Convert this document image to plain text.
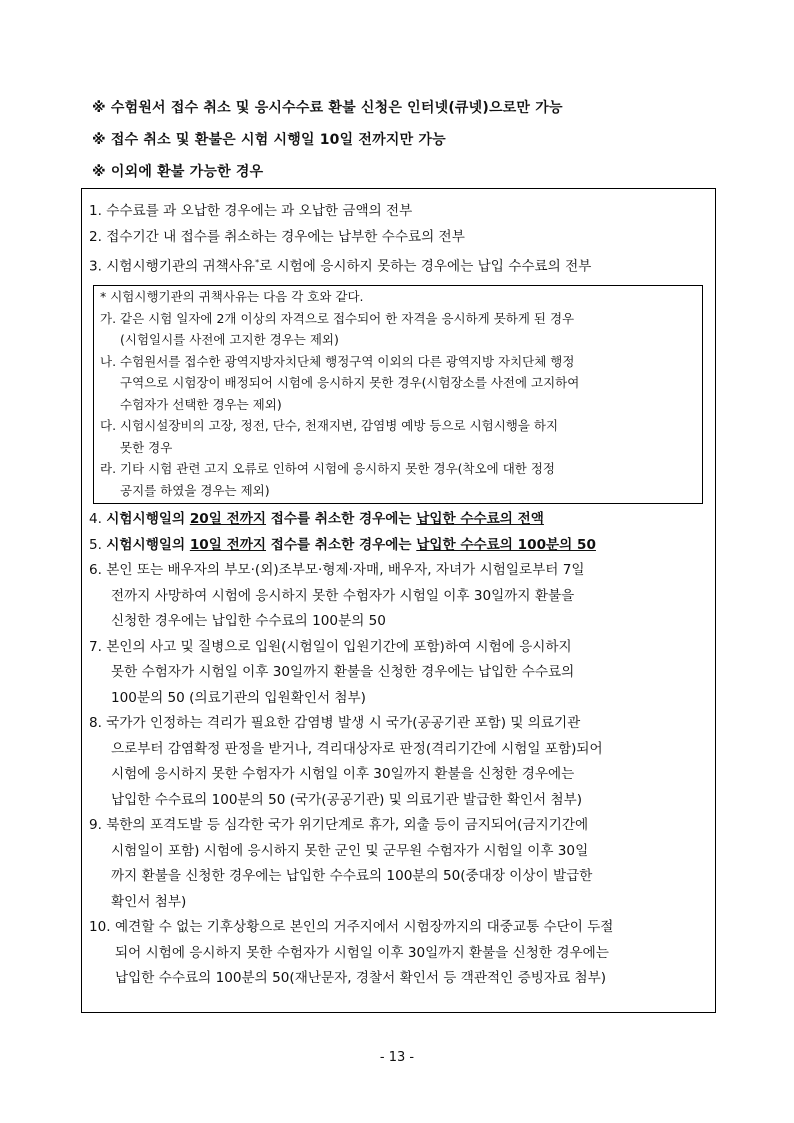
※ 수험원서 접수 취소 및 응시수수료 환불 신청은 인터넷(큐넷)으로만 가능
※ 접수 취소 및 환불은 시험 시행일 10일 전까지만 가능
※ 이외에 환불 가능한 경우
1. 수수료를 과 오납한 경우에는 과 오납한 금액의 전부
2. 접수기간 내 접수를 취소하는 경우에는 납부한 수수료의 전부
3. 시험시행기관의 귀책사유*로 시험에 응시하지 못하는 경우에는 납입 수수료의 전부
* 시험시행기관의 귀책사유는 다음 각 호와 같다.
가. 같은 시험 일자에 2개 이상의 자격으로 접수되어 한 자격을 응시하게 못하게 된 경우
(시험일시를 사전에 고지한 경우는 제외)
나. 수험원서를 접수한 광역지방자치단체 행정구역 이외의 다른 광역지방 자치단체 행정
구역으로 시험장이 배정되어 시험에 응시하지 못한 경우(시험장소를 사전에 고지하여
수험자가 선택한 경우는 제외)
다. 시험시설장비의 고장, 정전, 단수, 천재지변, 감염병 예방 등으로 시험시행을 하지
못한 경우
라. 기타 시험 관련 고지 오류로 인하여 시험에 응시하지 못한 경우(착오에 대한 정정
공지를 하였을 경우는 제외)
4. 시험시행일의 20일 전까지 접수를 취소한 경우에는 납입한 수수료의 전액
5. 시험시행일의 10일 전까지 접수를 취소한 경우에는 납입한 수수료의 100분의 50
6. 본인 또는 배우자의 부모·(외)조부모·형제·자매, 배우자, 자녀가 시험일로부터 7일
전까지 사망하여 시험에 응시하지 못한 수험자가 시험일 이후 30일까지 환불을
신청한 경우에는 납입한 수수료의 100분의 50
7. 본인의 사고 및 질병으로 입원(시험일이 입원기간에 포함)하여 시험에 응시하지
못한 수험자가 시험일 이후 30일까지 환불을 신청한 경우에는 납입한 수수료의
100분의 50 (의료기관의 입원확인서 첨부)
8. 국가가 인정하는 격리가 필요한 감염병 발생 시 국가(공공기관 포함) 및 의료기관
으로부터 감염확정 판정을 받거나, 격리대상자로 판정(격리기간에 시험일 포함)되어
시험에 응시하지 못한 수험자가 시험일 이후 30일까지 환불을 신청한 경우에는
납입한 수수료의 100분의 50 (국가(공공기관) 및 의료기관 발급한 확인서 첨부)
9. 북한의 포격도발 등 심각한 국가 위기단계로 휴가, 외출 등이 금지되어(금지기간에
시험일이 포함) 시험에 응시하지 못한 군인 및 군무원 수험자가 시험일 이후 30일
까지 환불을 신청한 경우에는 납입한 수수료의 100분의 50(중대장 이상이 발급한
확인서 첨부)
10. 예견할 수 없는 기후상황으로 본인의 거주지에서 시험장까지의 대중교통 수단이 두절
되어 시험에 응시하지 못한 수험자가 시험일 이후 30일까지 환불을 신청한 경우에는
납입한 수수료의 100분의 50(재난문자, 경찰서 확인서 등 객관적인 증빙자료 첨부)
- 13 -
